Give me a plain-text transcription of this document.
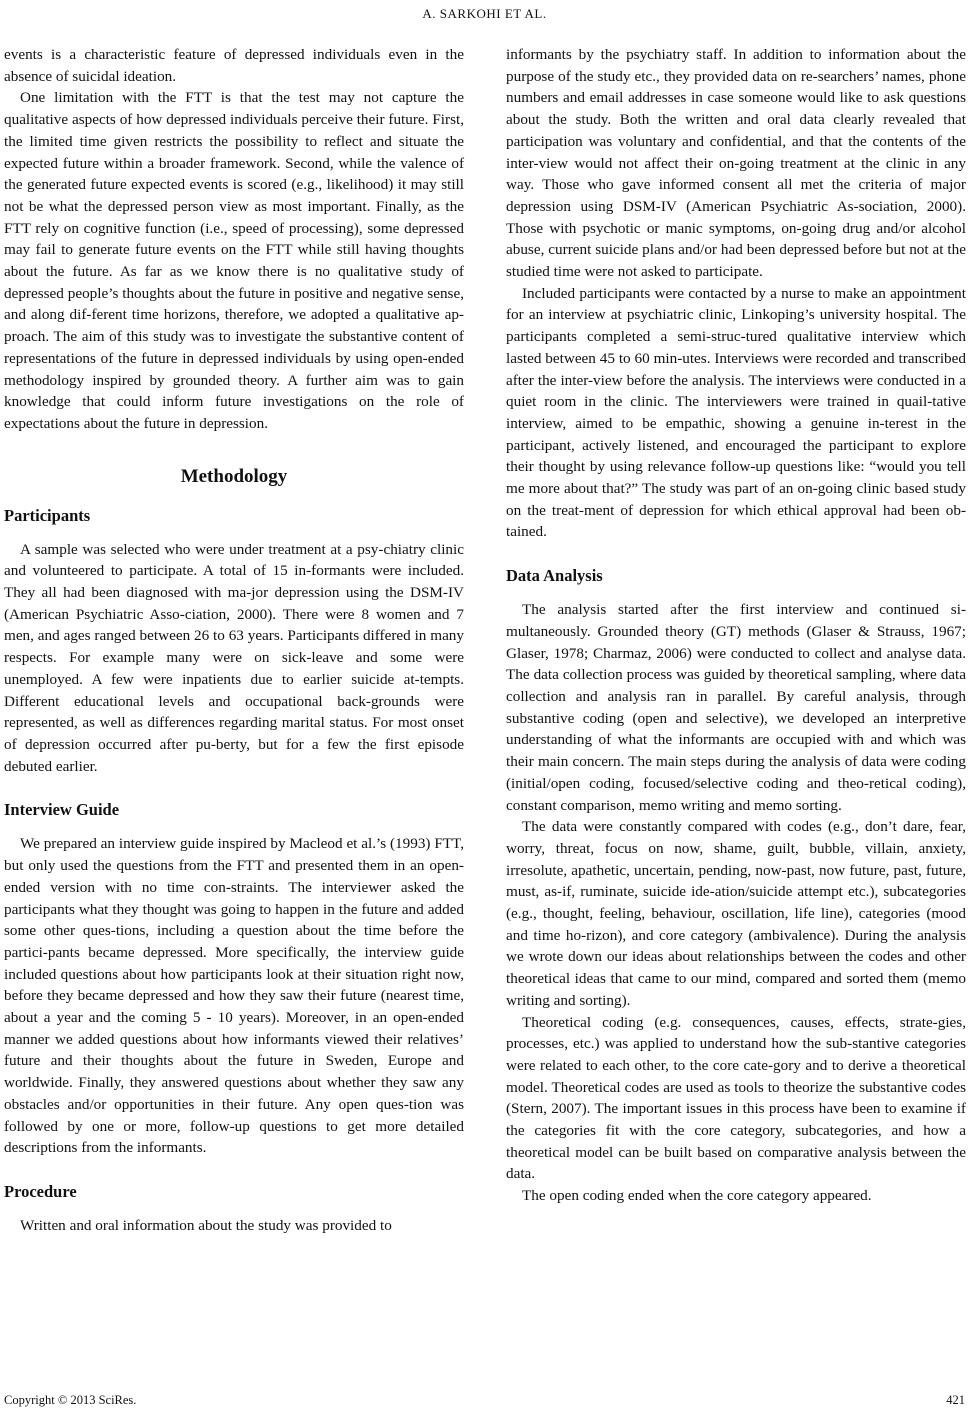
A. SARKOHI ET AL.

events is a characteristic feature of depressed individuals even in the absence of suicidal ideation.

One limitation with the FTT is that the test may not capture the qualitative aspects of how depressed individuals perceive their future. First, the limited time given restricts the possibility to reflect and situate the expected future within a broader framework. Second, while the valence of the generated future expected events is scored (e.g., likelihood) it may still not be what the depressed person view as most important. Finally, as the FTT rely on cognitive function (i.e., speed of processing), some depressed may fail to generate future events on the FTT while still having thoughts about the future. As far as we know there is no qualitative study of depressed people’s thoughts about the future in positive and negative sense, and along dif-ferent time horizons, therefore, we adopted a qualitative ap-proach. The aim of this study was to investigate the substantive content of representations of the future in depressed individuals by using open-ended methodology inspired by grounded theory. A further aim was to gain knowledge that could inform future investigations on the role of expectations about the future in depression.

Methodology
Participants

A sample was selected who were under treatment at a psy-chiatry clinic and volunteered to participate. A total of 15 in-formants were included. They all had been diagnosed with ma-jor depression using the DSM-IV (American Psychiatric Asso-ciation, 2000). There were 8 women and 7 men, and ages ranged between 26 to 63 years. Participants differed in many respects. For example many were on sick-leave and some were unemployed. A few were inpatients due to earlier suicide at-tempts. Different educational levels and occupational back-grounds were represented, as well as differences regarding marital status. For most onset of depression occurred after pu-berty, but for a few the first episode debuted earlier.

Interview Guide

We prepared an interview guide inspired by Macleod et al.’s (1993) FTT, but only used the questions from the FTT and presented them in an open-ended version with no time con-straints. The interviewer asked the participants what they thought was going to happen in the future and added some other ques-tions, including a question about the time before the partici-pants became depressed. More specifically, the interview guide included questions about how participants look at their situation right now, before they became depressed and how they saw their future (nearest time, about a year and the coming 5 - 10 years). Moreover, in an open-ended manner we added questions about how informants viewed their relatives’ future and their thoughts about the future in Sweden, Europe and worldwide. Finally, they answered questions about whether they saw any obstacles and/or opportunities in their future. Any open ques-tion was followed by one or more, follow-up questions to get more detailed descriptions from the informants.

Procedure

Written and oral information about the study was provided to

informants by the psychiatry staff. In addition to information about the purpose of the study etc., they provided data on re-searchers’ names, phone numbers and email addresses in case someone would like to ask questions about the study. Both the written and oral data clearly revealed that participation was voluntary and confidential, and that the contents of the inter-view would not affect their on-going treatment at the clinic in any way. Those who gave informed consent all met the criteria of major depression using DSM-IV (American Psychiatric As-sociation, 2000). Those with psychotic or manic symptoms, on-going drug and/or alcohol abuse, current suicide plans and/or had been depressed before but not at the studied time were not asked to participate.

Included participants were contacted by a nurse to make an appointment for an interview at psychiatric clinic, Linkoping’s university hospital. The participants completed a semi-struc-tured qualitative interview which lasted between 45 to 60 min-utes. Interviews were recorded and transcribed after the inter-view before the analysis. The interviews were conducted in a quiet room in the clinic. The interviewers were trained in quail-tative interview, aimed to be empathic, showing a genuine in-terest in the participant, actively listened, and encouraged the participant to explore their thought by using relevance follow-up questions like: “would you tell me more about that?” The study was part of an on-going clinic based study on the treat-ment of depression for which ethical approval had been ob-tained.

Data Analysis

The analysis started after the first interview and continued si-multaneously. Grounded theory (GT) methods (Glaser & Strauss, 1967; Glaser, 1978; Charmaz, 2006) were conducted to collect and analyse data. The data collection process was guided by theoretical sampling, where data collection and analysis ran in parallel. By careful analysis, through substantive coding (open and selective), we developed an interpretive understanding of what the informants are occupied with and which was their main concern. The main steps during the analysis of data were coding (initial/open coding, focused/selective coding and theo-retical coding), constant comparison, memo writing and memo sorting.

The data were constantly compared with codes (e.g., don’t dare, fear, worry, threat, focus on now, shame, guilt, bubble, villain, anxiety, irresolute, apathetic, uncertain, pending, now-past, now future, past, future, must, as-if, ruminate, suicide ide-ation/suicide attempt etc.), subcategories (e.g., thought, feeling, behaviour, oscillation, life line), categories (mood and time ho-rizon), and core category (ambivalence). During the analysis we wrote down our ideas about relationships between the codes and other theoretical ideas that came to our mind, compared and sorted them (memo writing and sorting).

Theoretical coding (e.g. consequences, causes, effects, strate-gies, processes, etc.) was applied to understand how the sub-stantive categories were related to each other, to the core cate-gory and to derive a theoretical model. Theoretical codes are used as tools to theorize the substantive codes (Stern, 2007). The important issues in this process have been to examine if the categories fit with the core category, subcategories, and how a theoretical model can be built based on comparative analysis between the data.

The open coding ended when the core category appeared.

Copyright © 2013 SciRes.	421
